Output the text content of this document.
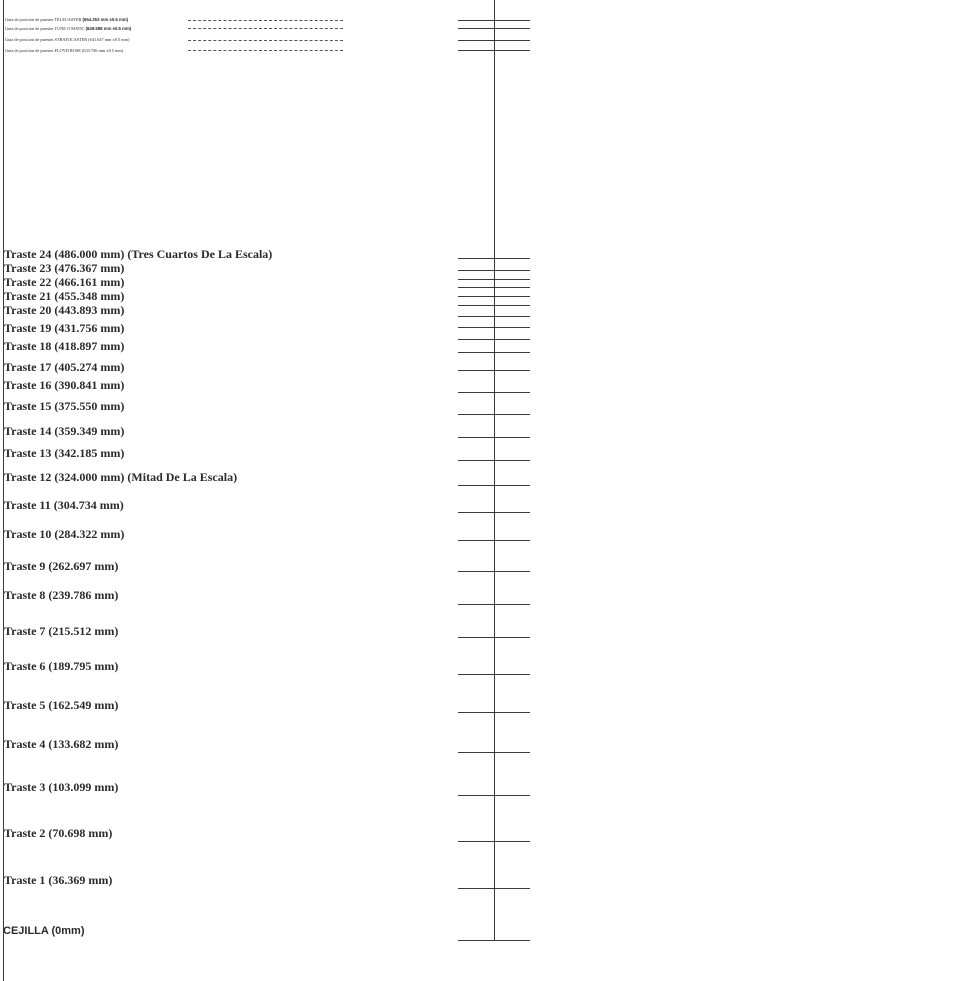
Guía de posicion de puentes TELECASTER (654.353 mm ±0.5 mm)
Guía de posicion de puentes TUNE O MATIC (649.588 mm ±0.5 mm)
Guía de posicion de puentes STRATOCASTER (641.647 mm ±0.5 mm)
Guía de posicion de puentes FLOYD ROSE (633.706 mm ±0.5 mm)
Traste 24 (486.000 mm) (Tres Cuartos De La Escala)
Traste 23 (476.367 mm)
Traste 22 (466.161 mm)
Traste 21 (455.348 mm)
Traste 20 (443.893 mm)
Traste 19 (431.756 mm)
Traste 18 (418.897 mm)
Traste 17 (405.274 mm)
Traste 16 (390.841 mm)
Traste 15 (375.550 mm)
Traste 14 (359.349 mm)
Traste 13 (342.185 mm)
Traste 12 (324.000 mm) (Mitad De La Escala)
Traste 11 (304.734 mm)
Traste 10 (284.322 mm)
Traste 9 (262.697 mm)
Traste 8 (239.786 mm)
Traste 7 (215.512 mm)
Traste 6 (189.795 mm)
Traste 5 (162.549 mm)
Traste 4 (133.682 mm)
Traste 3 (103.099 mm)
Traste 2 (70.698 mm)
Traste 1 (36.369 mm)
CEJILLA (0mm)
